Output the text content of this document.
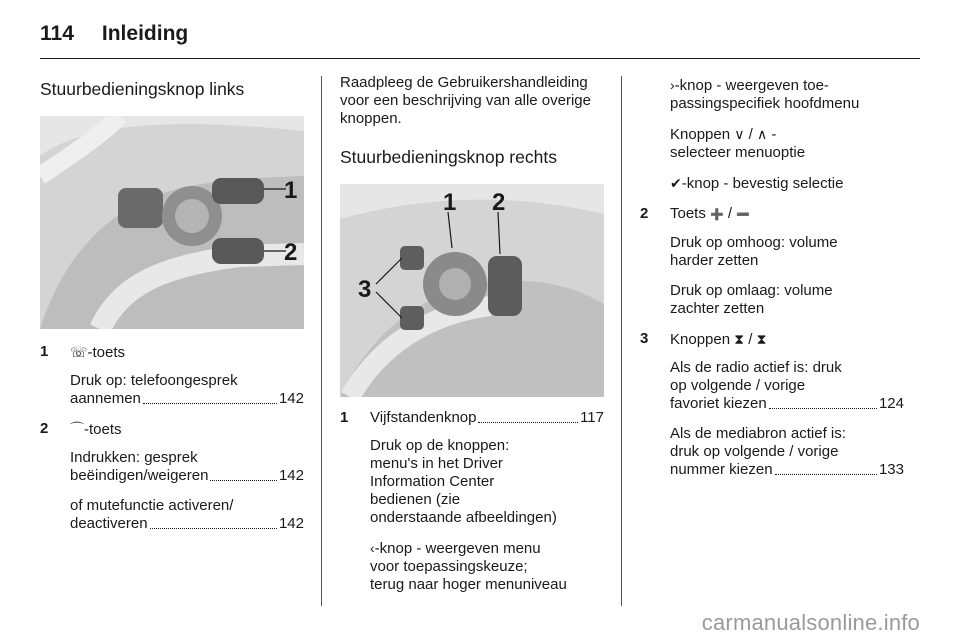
114 Inleiding
Stuurbedieningsknop links
1
2
1	☏-toets

Druk op: telefoongesprek

aannemen	142

2	⌒-toets

Indrukken: gesprek

beëindigen/weigeren	142

of mutefunctie activeren/

deactiveren	142

Raadpleeg de Gebruikershandleiding voor een beschrijving van alle overige knoppen.

Stuurbedieningsknop rechts
1 2
3
1	Vijfstandenknop	117

Druk op de knoppen:
menu's in het Driver
Information Center
bedienen (zie
onderstaande afbeeldingen)

‹-knop - weergeven menu
voor toepassingskeuze;
terug naar hoger menuniveau

›-knop - weergeven toe-
passingspecifiek hoofdmenu

Knoppen ∨ / ∧ -
selecteer menuoptie

✔-knop - bevestig selectie

2	Toets ➕ / ➖

Druk op omhoog: volume
harder zetten

Druk op omlaag: volume
zachter zetten

3	Knoppen ⧗ / ⧗

Als de radio actief is: druk
op volgende / vorige

favoriet kiezen	124

Als de mediabron actief is:
druk op volgende / vorige

nummer kiezen	133

carmanualsonline.info
